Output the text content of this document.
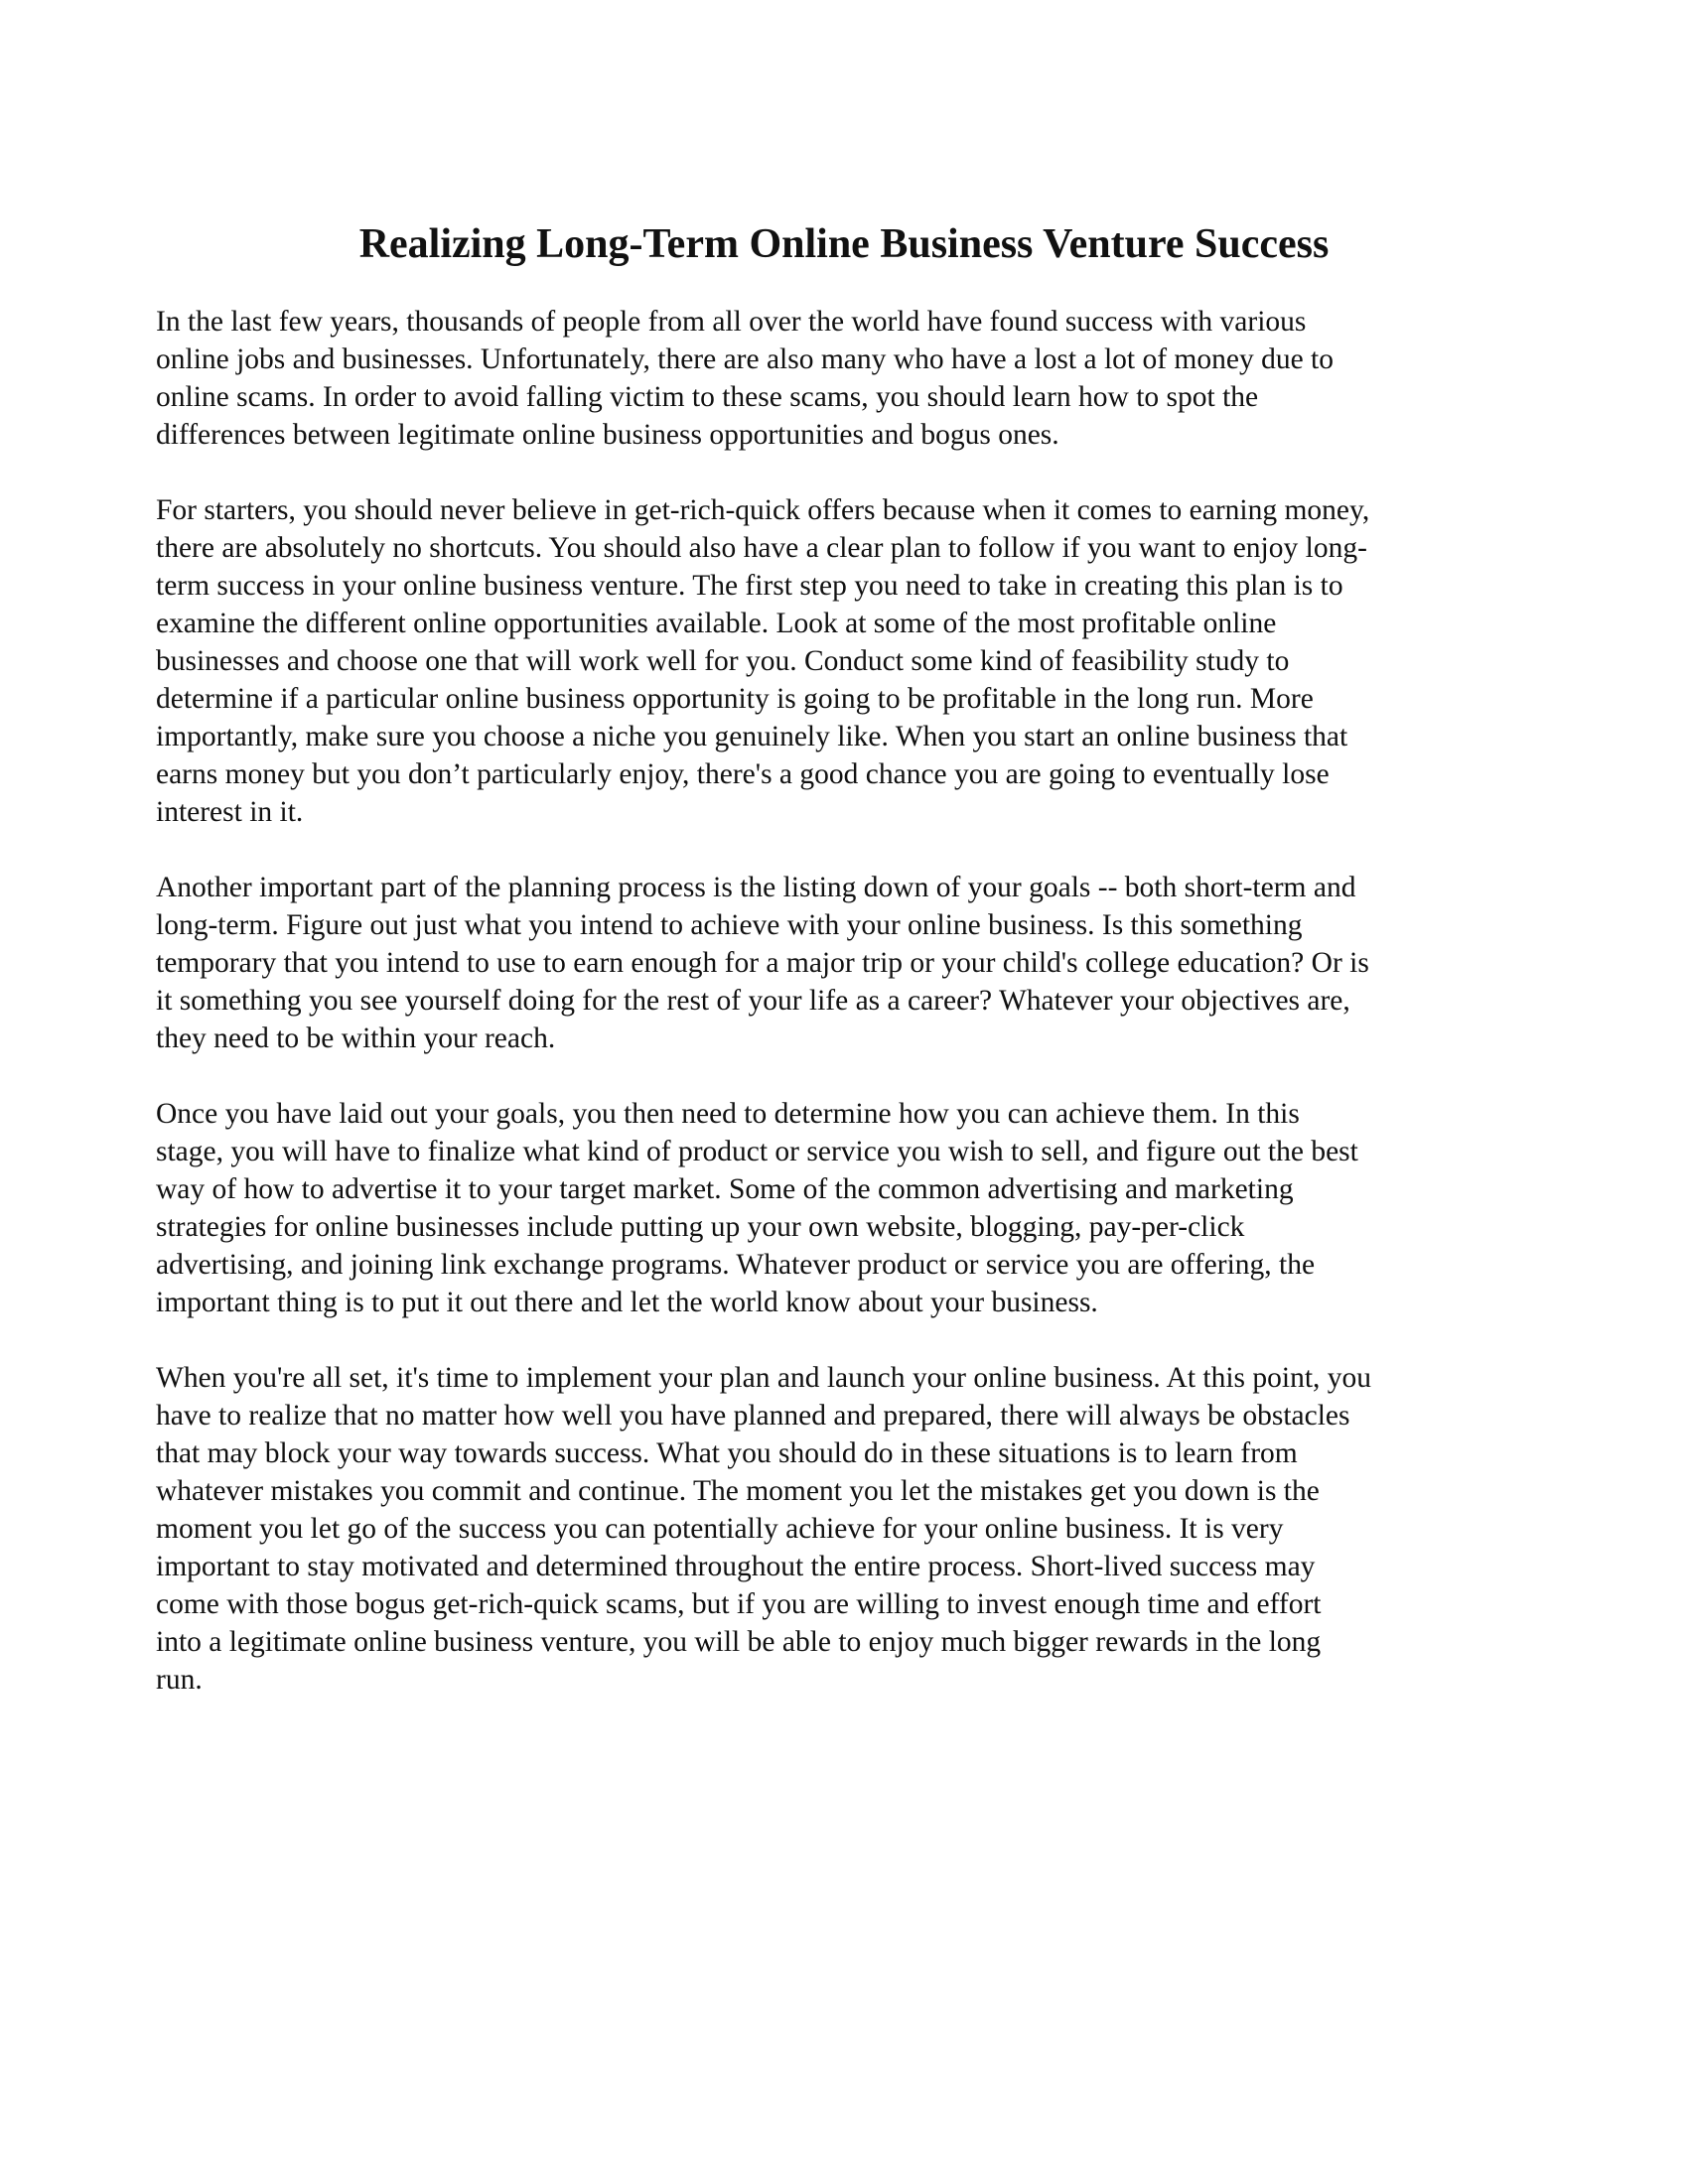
Realizing Long-Term Online Business Venture Success

In the last few years, thousands of people from all over the world have found success with various
online jobs and businesses. Unfortunately, there are also many who have a lost a lot of money due to
online scams. In order to avoid falling victim to these scams, you should learn how to spot the
differences between legitimate online business opportunities and bogus ones.

For starters, you should never believe in get-rich-quick offers because when it comes to earning money,
there are absolutely no shortcuts. You should also have a clear plan to follow if you want to enjoy long-
term success in your online business venture. The first step you need to take in creating this plan is to
examine the different online opportunities available. Look at some of the most profitable online
businesses and choose one that will work well for you. Conduct some kind of feasibility study to
determine if a particular online business opportunity is going to be profitable in the long run. More
importantly, make sure you choose a niche you genuinely like. When you start an online business that
earns money but you don’t particularly enjoy, there's a good chance you are going to eventually lose
interest in it.

Another important part of the planning process is the listing down of your goals -- both short-term and
long-term. Figure out just what you intend to achieve with your online business. Is this something
temporary that you intend to use to earn enough for a major trip or your child's college education? Or is
it something you see yourself doing for the rest of your life as a career? Whatever your objectives are,
they need to be within your reach.

Once you have laid out your goals, you then need to determine how you can achieve them. In this
stage, you will have to finalize what kind of product or service you wish to sell, and figure out the best
way of how to advertise it to your target market. Some of the common advertising and marketing
strategies for online businesses include putting up your own website, blogging, pay-per-click
advertising, and joining link exchange programs. Whatever product or service you are offering, the
important thing is to put it out there and let the world know about your business.

When you're all set, it's time to implement your plan and launch your online business. At this point, you
have to realize that no matter how well you have planned and prepared, there will always be obstacles
that may block your way towards success. What you should do in these situations is to learn from
whatever mistakes you commit and continue. The moment you let the mistakes get you down is the
moment you let go of the success you can potentially achieve for your online business. It is very
important to stay motivated and determined throughout the entire process. Short-lived success may
come with those bogus get-rich-quick scams, but if you are willing to invest enough time and effort
into a legitimate online business venture, you will be able to enjoy much bigger rewards in the long
run.
